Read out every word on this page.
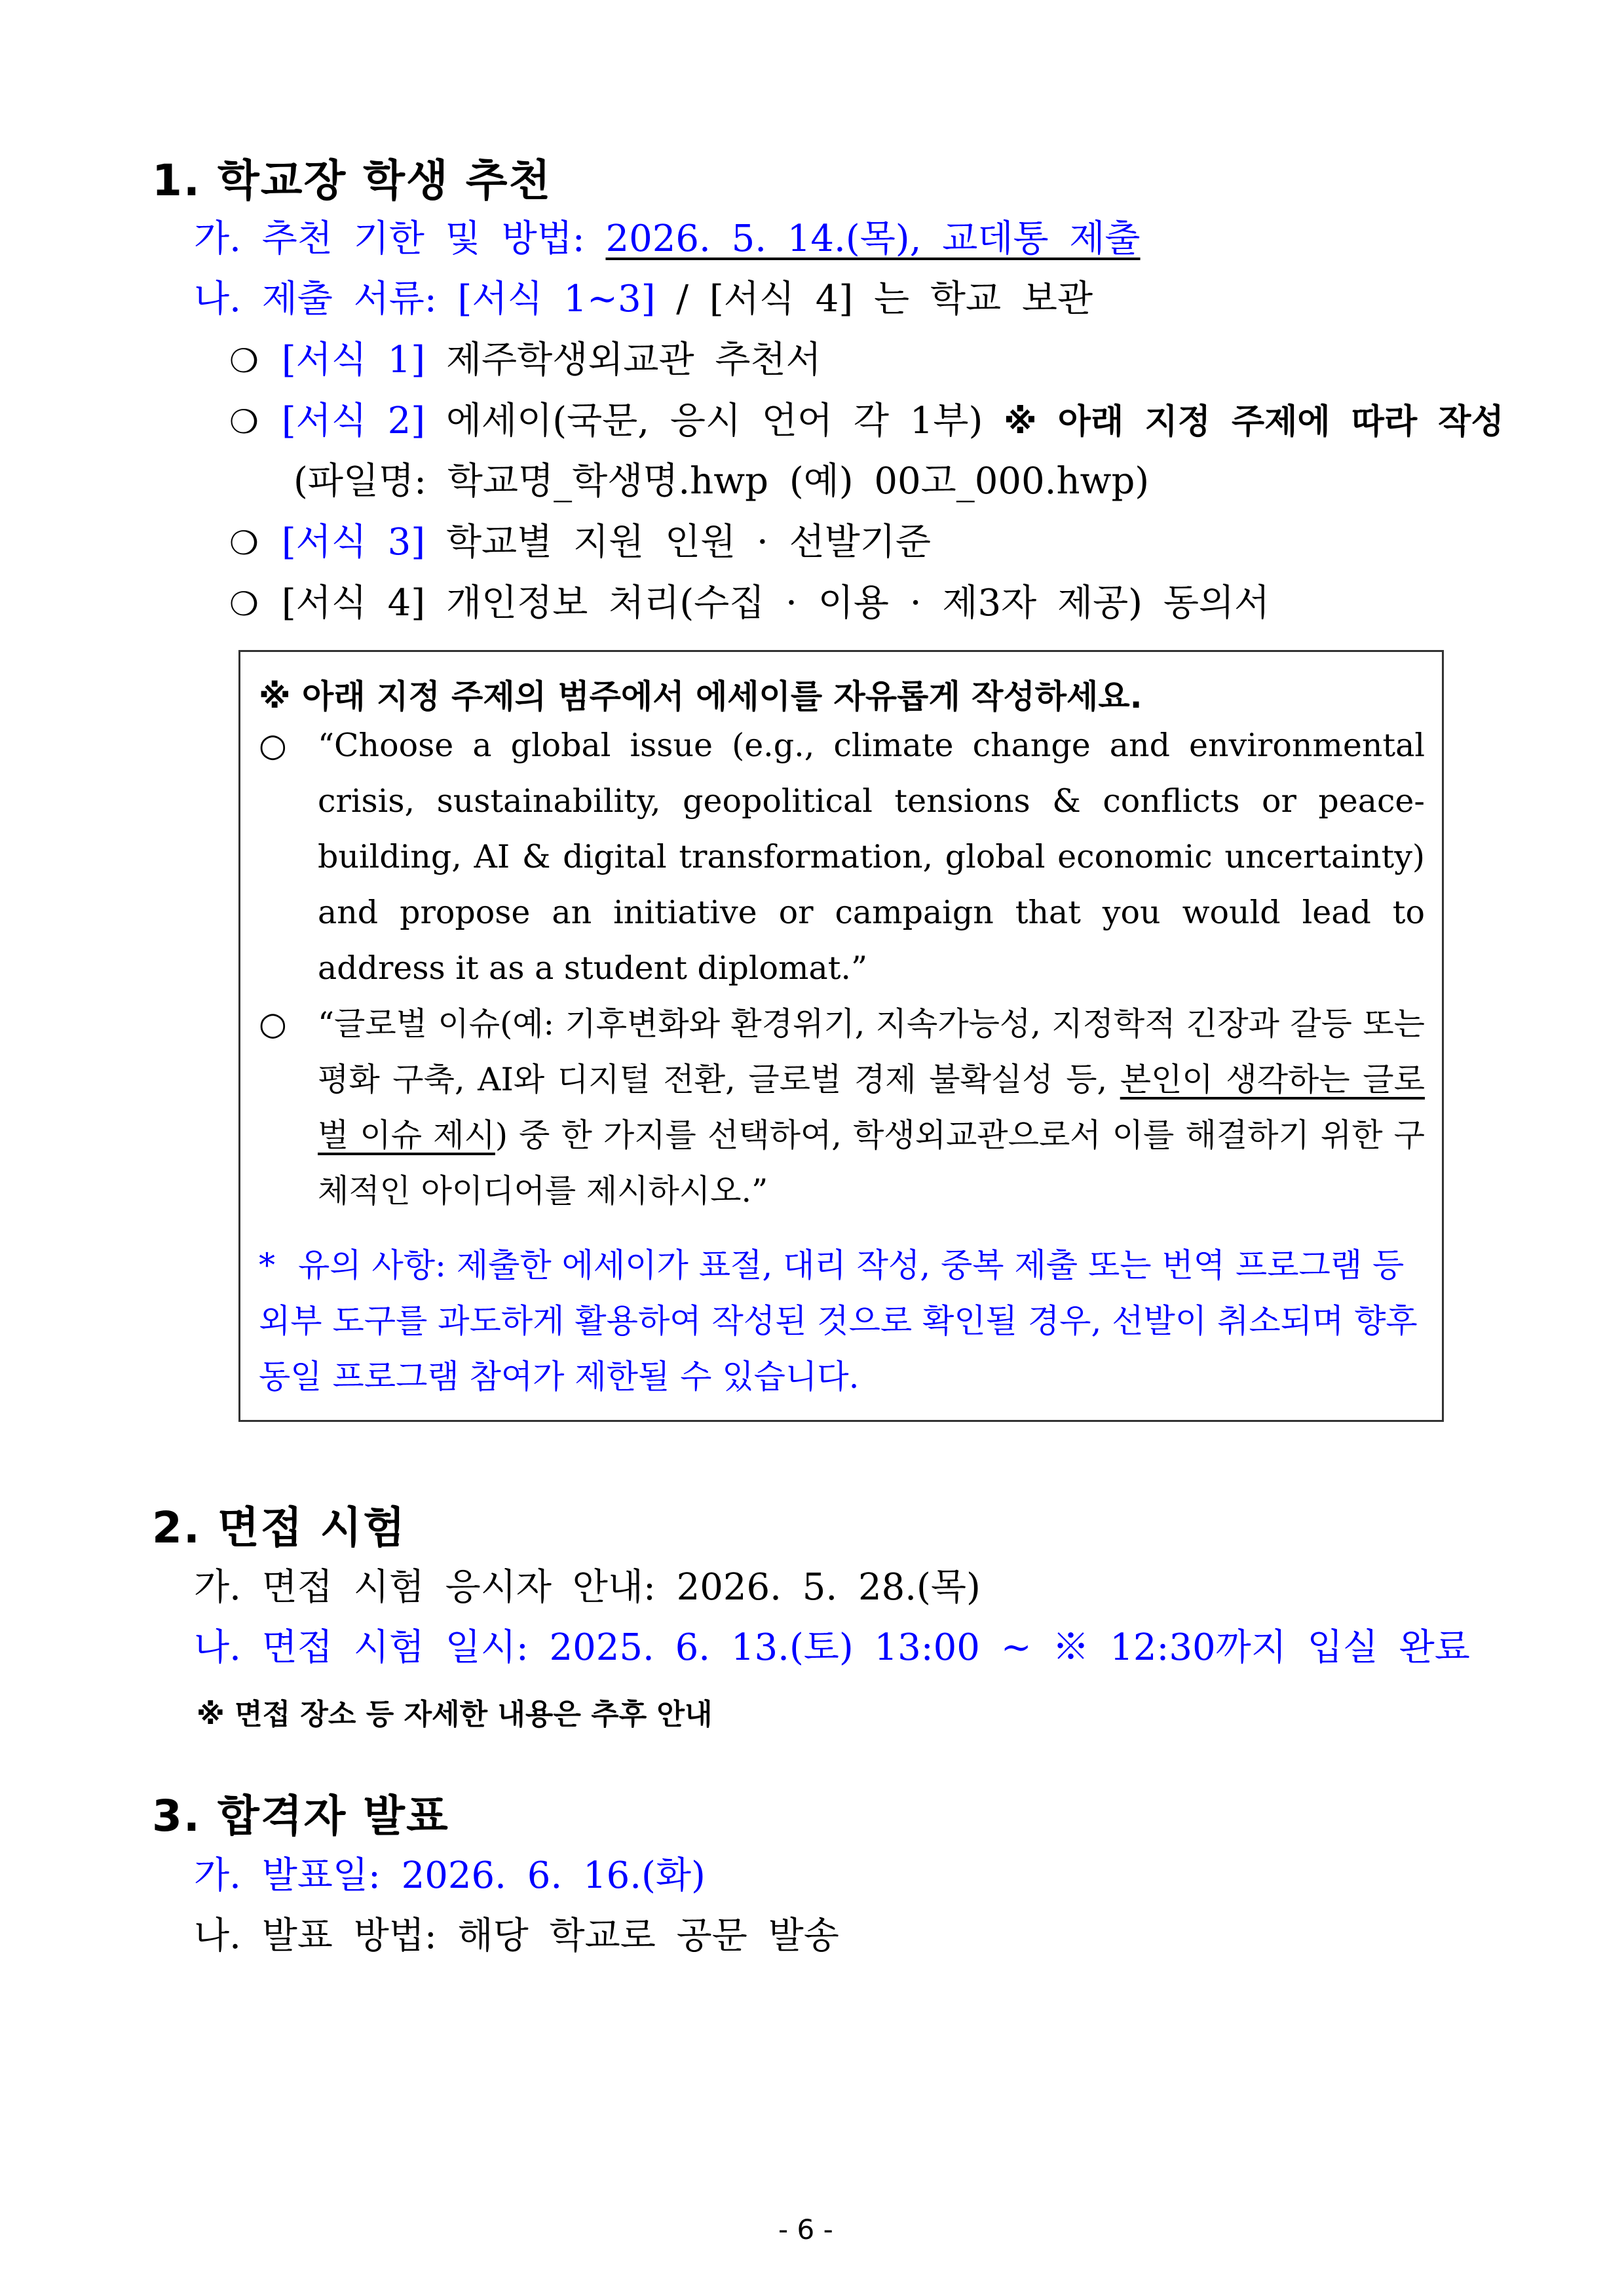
1. 학교장 학생 추천
가. 추천 기한 및 방법: 2026. 5. 14.(목), 교데통 제출
나. 제출 서류: [서식 1~3] / [서식 4] 는 학교 보관
❍ [서식 1] 제주학생외교관 추천서
❍ [서식 2] 에세이(국문, 응시 언어 각 1부) ※ 아래 지정 주제에 따라 작성
(파일명: 학교명_학생명.hwp (예) 00고_000.hwp)
❍ [서식 3] 학교별 지원 인원 · 선발기준
❍ [서식 4] 개인정보 처리(수집 · 이용 · 제3자 제공) 동의서
※ 아래 지정 주제의 범주에서 에세이를 자유롭게 작성하세요.
○ “Choose a global issue (e.g., climate change and environmental crisis, sustainability, geopolitical tensions & conflicts or peace-building, AI & digital transformation, global economic uncertainty) and propose an initiative or campaign that you would lead to address it as a student diplomat.”
○ “글로벌 이슈(예: 기후변화와 환경위기, 지속가능성, 지정학적 긴장과 갈등 또는 평화 구축, AI와 디지털 전환, 글로벌 경제 불확실성 등, 본인이 생각하는 글로벌 이슈 제시) 중 한 가지를 선택하여, 학생외교관으로서 이를 해결하기 위한 구체적인 아이디어를 제시하시오.”
* 유의 사항: 제출한 에세이가 표절, 대리 작성, 중복 제출 또는 번역 프로그램 등 외부 도구를 과도하게 활용하여 작성된 것으로 확인될 경우, 선발이 취소되며 향후 동일 프로그램 참여가 제한될 수 있습니다.
2. 면접 시험
가. 면접 시험 응시자 안내: 2026. 5. 28.(목)
나. 면접 시험 일시: 2025. 6. 13.(토) 13:00 ~ ※ 12:30까지 입실 완료
※ 면접 장소 등 자세한 내용은 추후 안내
3. 합격자 발표
가. 발표일: 2026. 6. 16.(화)
나. 발표 방법: 해당 학교로 공문 발송
- 6 -
